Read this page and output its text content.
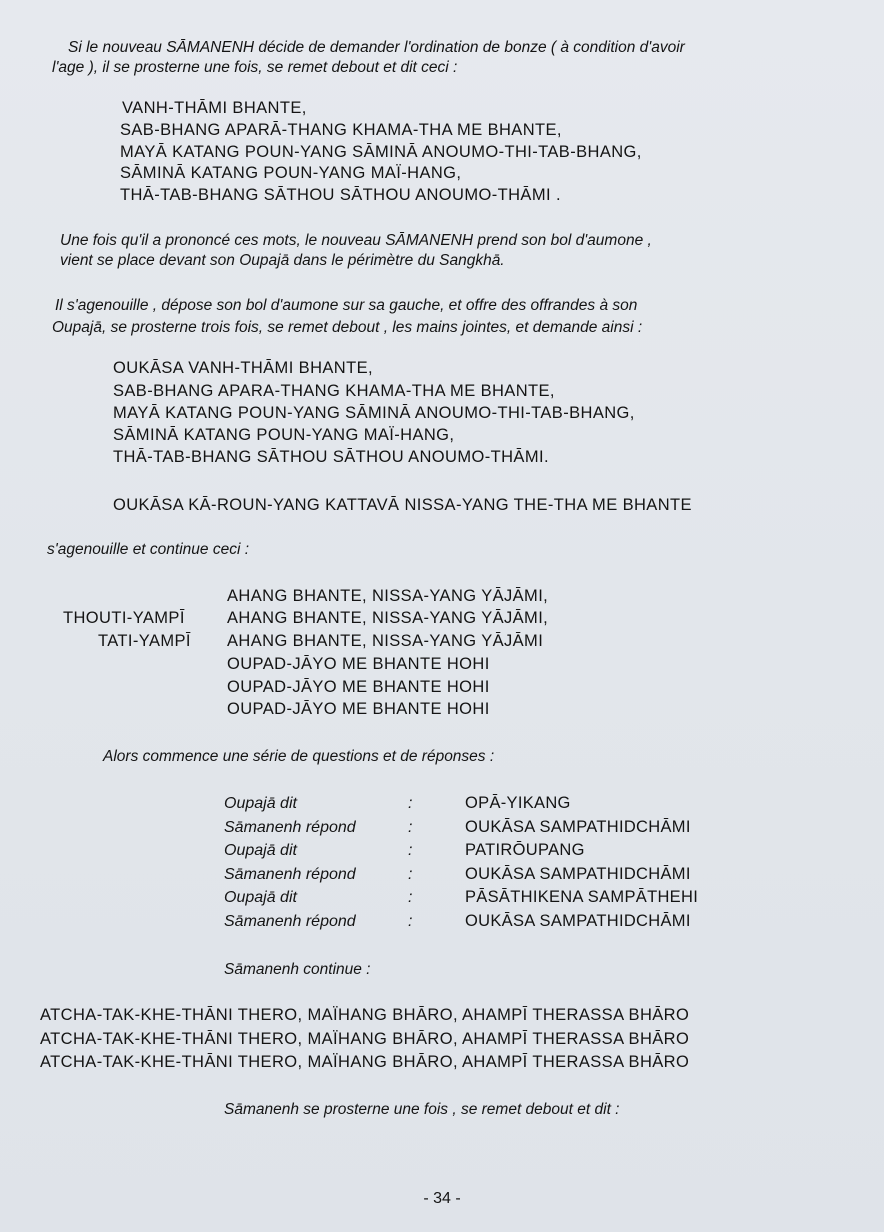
Si le nouveau SĀMANENH décide de demander l'ordination de bonze ( à condition d'avoir
l'age ), il se prosterne une fois, se remet debout et dit ceci :
VANH-THĀMI BHANTE,
SAB-BHANG APARĀ-THANG KHAMA-THA ME BHANTE,
MAYĀ KATANG POUN-YANG SĀMINĀ ANOUMO-THI-TAB-BHANG,
SĀMINĀ KATANG POUN-YANG MAÏ-HANG,
THĀ-TAB-BHANG SĀTHOU SĀTHOU ANOUMO-THĀMI .
Une fois qu'il a prononcé ces mots, le nouveau SĀMANENH prend son bol d'aumone ,
vient se place devant son Oupajā dans le périmètre du Sangkhā.
Il s'agenouille , dépose son bol d'aumone sur sa gauche, et offre des offrandes à son
Oupajā, se prosterne trois fois, se remet debout , les mains jointes, et demande ainsi :
OUKĀSA VANH-THĀMI BHANTE,
SAB-BHANG APARA-THANG KHAMA-THA ME BHANTE,
MAYĀ KATANG POUN-YANG SĀMINĀ ANOUMO-THI-TAB-BHANG,
SĀMINĀ KATANG POUN-YANG MAÏ-HANG,
THĀ-TAB-BHANG SĀTHOU SĀTHOU ANOUMO-THĀMI.
OUKĀSA KĀ-ROUN-YANG KATTAVĀ NISSA-YANG THE-THA ME BHANTE
s'agenouille et continue ceci :
AHANG BHANTE, NISSA-YANG YĀJĀMI,
THOUTI-YAMPĪ	AHANG BHANTE, NISSA-YANG YĀJĀMI,
TATI-YAMPĪ AHANG BHANTE, NISSA-YANG YĀJĀMI
OUPAD-JĀYO ME BHANTE HOHI
OUPAD-JĀYO ME BHANTE HOHI
OUPAD-JĀYO ME BHANTE HOHI
Alors commence une série de questions et de réponses :
Oupajā dit
Sāmanenh répond
Oupajā dit
Sāmanenh répond
Oupajā dit
Sāmanenh répond
:
:
:
:
:
:
OPĀ-YIKANG
OUKĀSA SAMPATHIDCHĀMI
PATIRŌUPANG
OUKĀSA SAMPATHIDCHĀMI
PĀSĀTHIKENA SAMPĀTHEHI
OUKĀSA SAMPATHIDCHĀMI
Sāmanenh continue :
ATCHA-TAK-KHE-THĀNI THERO, MAÏHANG BHĀRO, AHAMPĪ THERASSA BHĀRO
ATCHA-TAK-KHE-THĀNI THERO, MAÏHANG BHĀRO, AHAMPĪ THERASSA BHĀRO
ATCHA-TAK-KHE-THĀNI THERO, MAÏHANG BHĀRO, AHAMPĪ THERASSA BHĀRO
Sāmanenh se prosterne une fois , se remet debout et dit :
- 34 -
